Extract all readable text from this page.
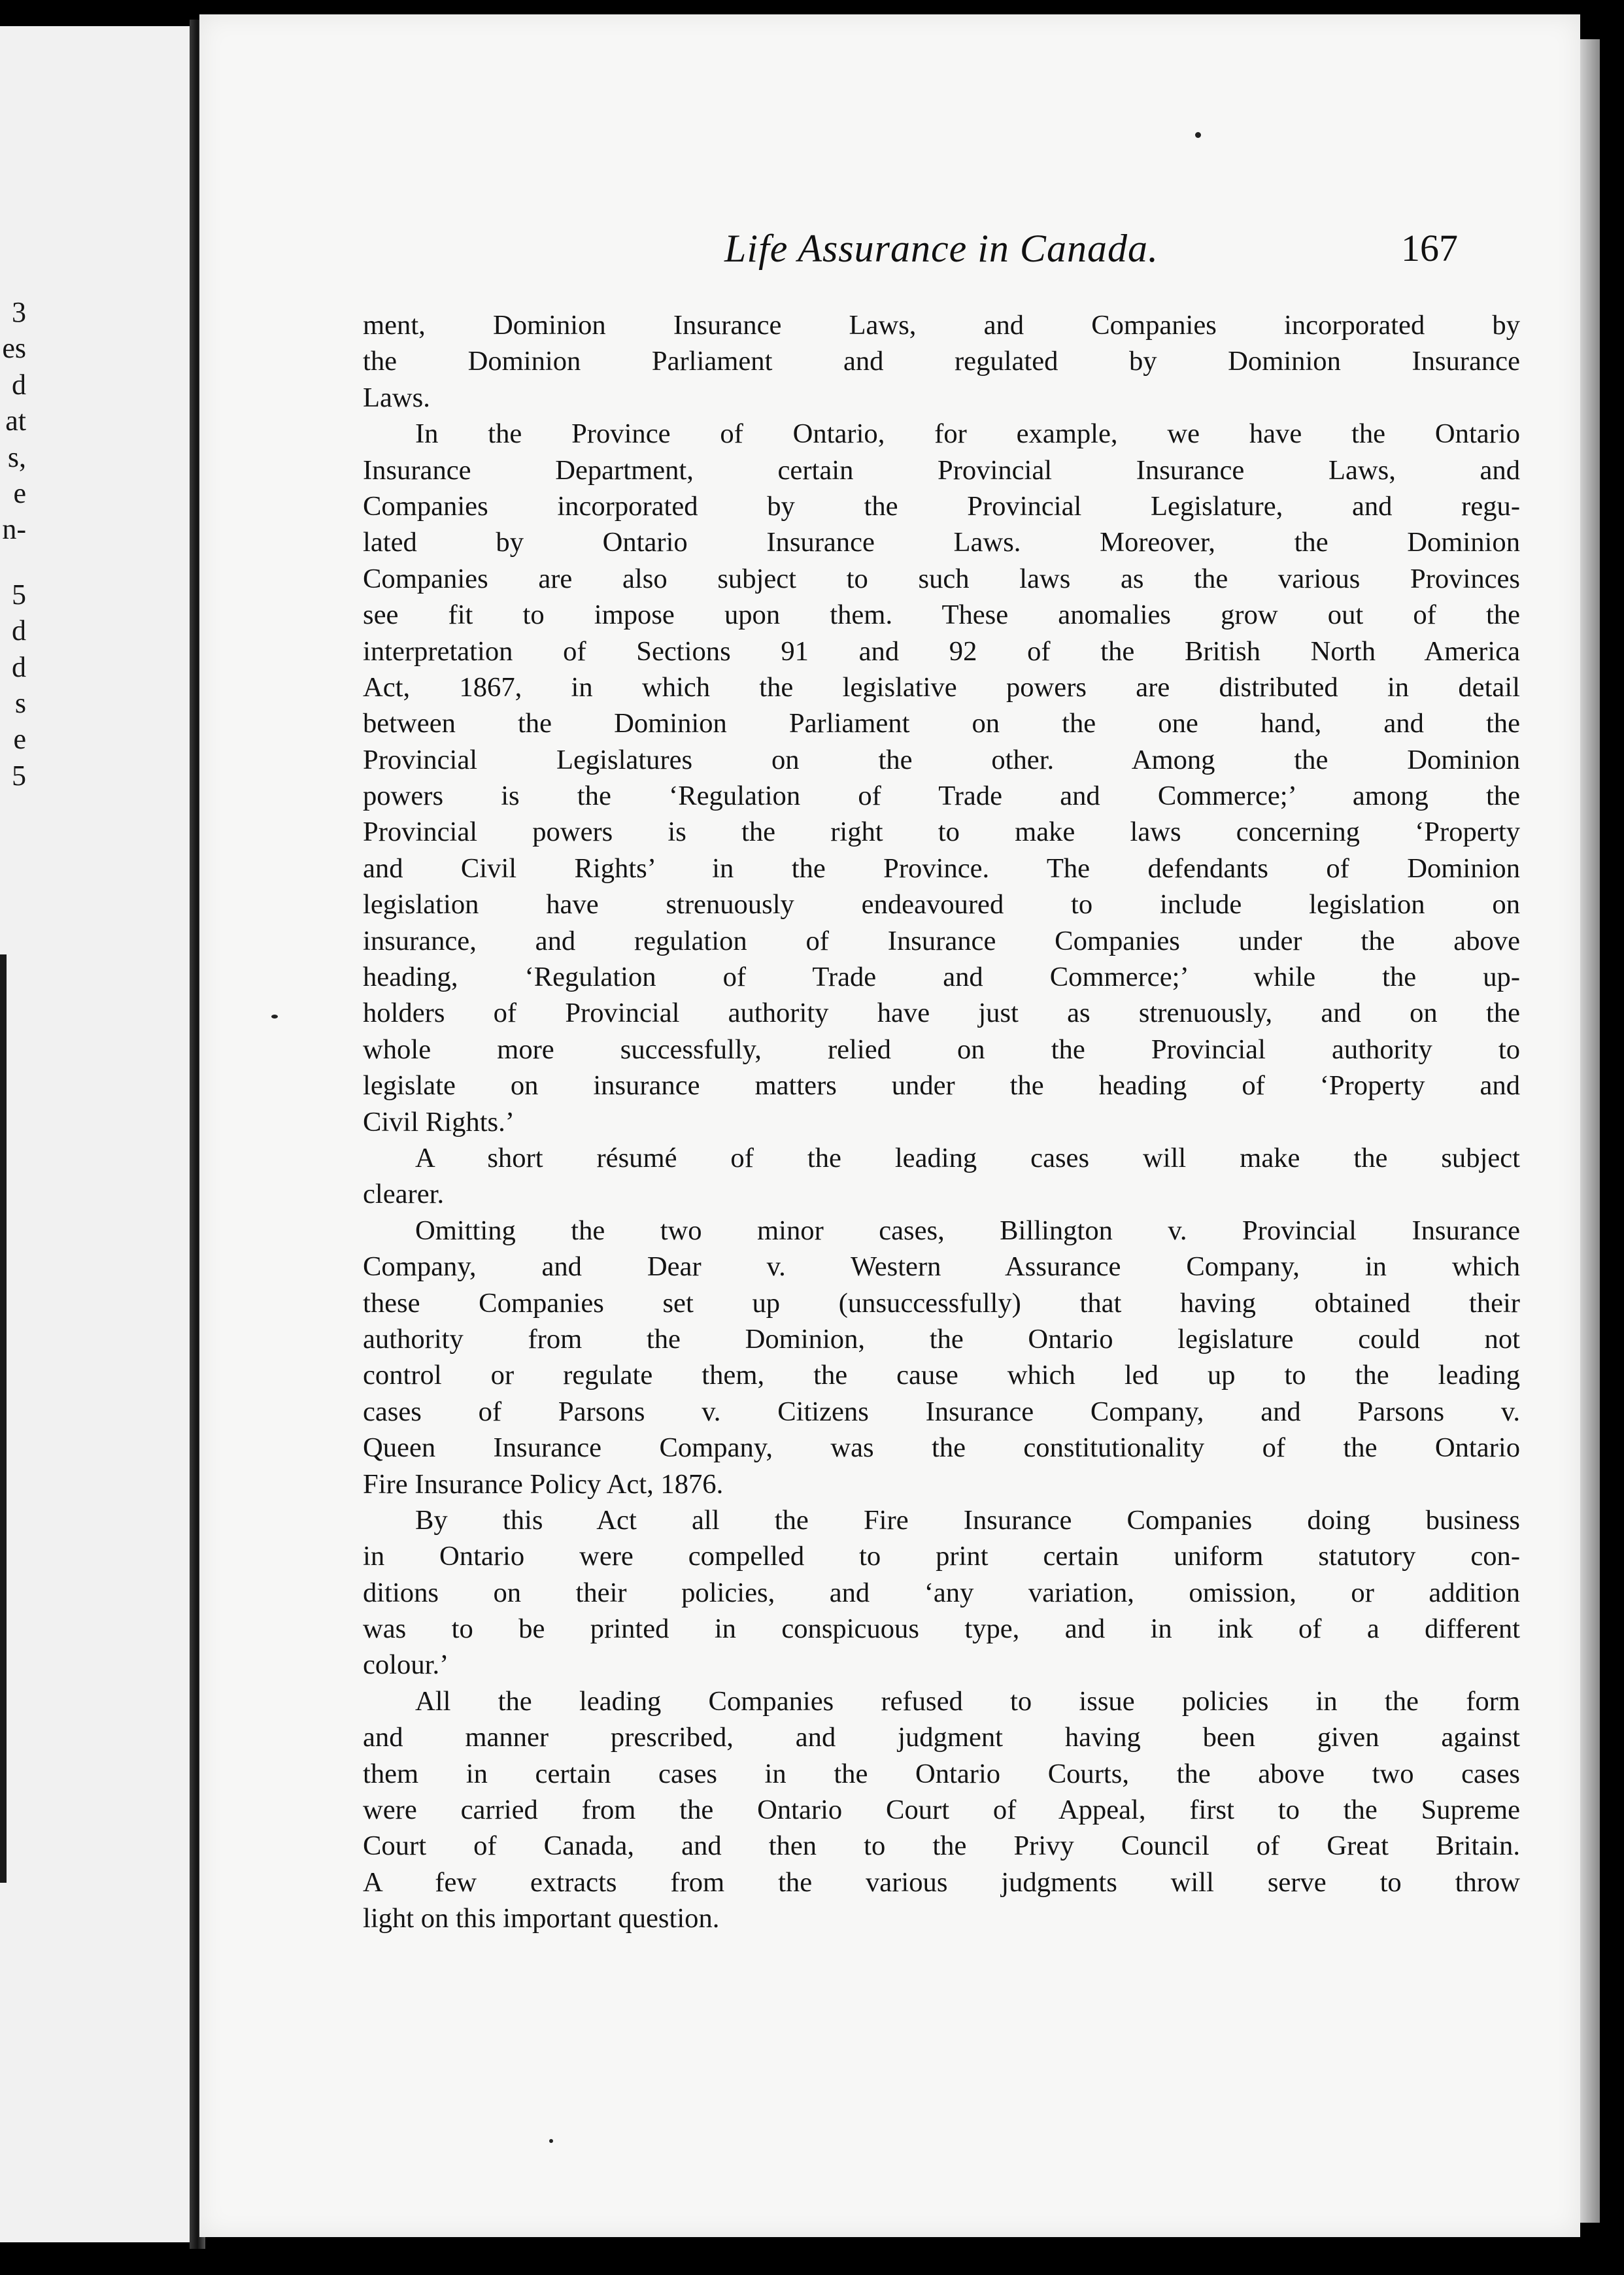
3
es
d
at
s,
e
n-
5
d
d
s
e
5
Life Assurance in Canada.	167
ment, Dominion Insurance Laws, and Companies incorporated by
the Dominion Parliament and regulated by Dominion Insurance
Laws.
In the Province of Ontario, for example, we have the Ontario
Insurance Department, certain Provincial Insurance Laws, and
Companies incorporated by the Provincial Legislature, and regu-
lated by Ontario Insurance Laws. Moreover, the Dominion
Companies are also subject to such laws as the various Provinces
see fit to impose upon them. These anomalies grow out of the
interpretation of Sections 91 and 92 of the British North America
Act, 1867, in which the legislative powers are distributed in detail
between the Dominion Parliament on the one hand, and the
Provincial Legislatures on the other. Among the Dominion
powers is the ‘Regulation of Trade and Commerce;’ among the
Provincial powers is the right to make laws concerning ‘Property
and Civil Rights’ in the Province. The defendants of Dominion
legislation have strenuously endeavoured to include legislation on
insurance, and regulation of Insurance Companies under the above
heading, ‘Regulation of Trade and Commerce;’ while the up-
holders of Provincial authority have just as strenuously, and on the
whole more successfully, relied on the Provincial authority to
legislate on insurance matters under the heading of ‘Property and
Civil Rights.’
A short résumé of the leading cases will make the subject
clearer.
Omitting the two minor cases, Billington v. Provincial Insurance
Company, and Dear v. Western Assurance Company, in which
these Companies set up (unsuccessfully) that having obtained their
authority from the Dominion, the Ontario legislature could not
control or regulate them, the cause which led up to the leading
cases of Parsons v. Citizens Insurance Company, and Parsons v.
Queen Insurance Company, was the constitutionality of the Ontario
Fire Insurance Policy Act, 1876.
By this Act all the Fire Insurance Companies doing business
in Ontario were compelled to print certain uniform statutory con-
ditions on their policies, and ‘any variation, omission, or addition
was to be printed in conspicuous type, and in ink of a different
colour.’
All the leading Companies refused to issue policies in the form
and manner prescribed, and judgment having been given against
them in certain cases in the Ontario Courts, the above two cases
were carried from the Ontario Court of Appeal, first to the Supreme
Court of Canada, and then to the Privy Council of Great Britain.
A few extracts from the various judgments will serve to throw
light on this important question.
